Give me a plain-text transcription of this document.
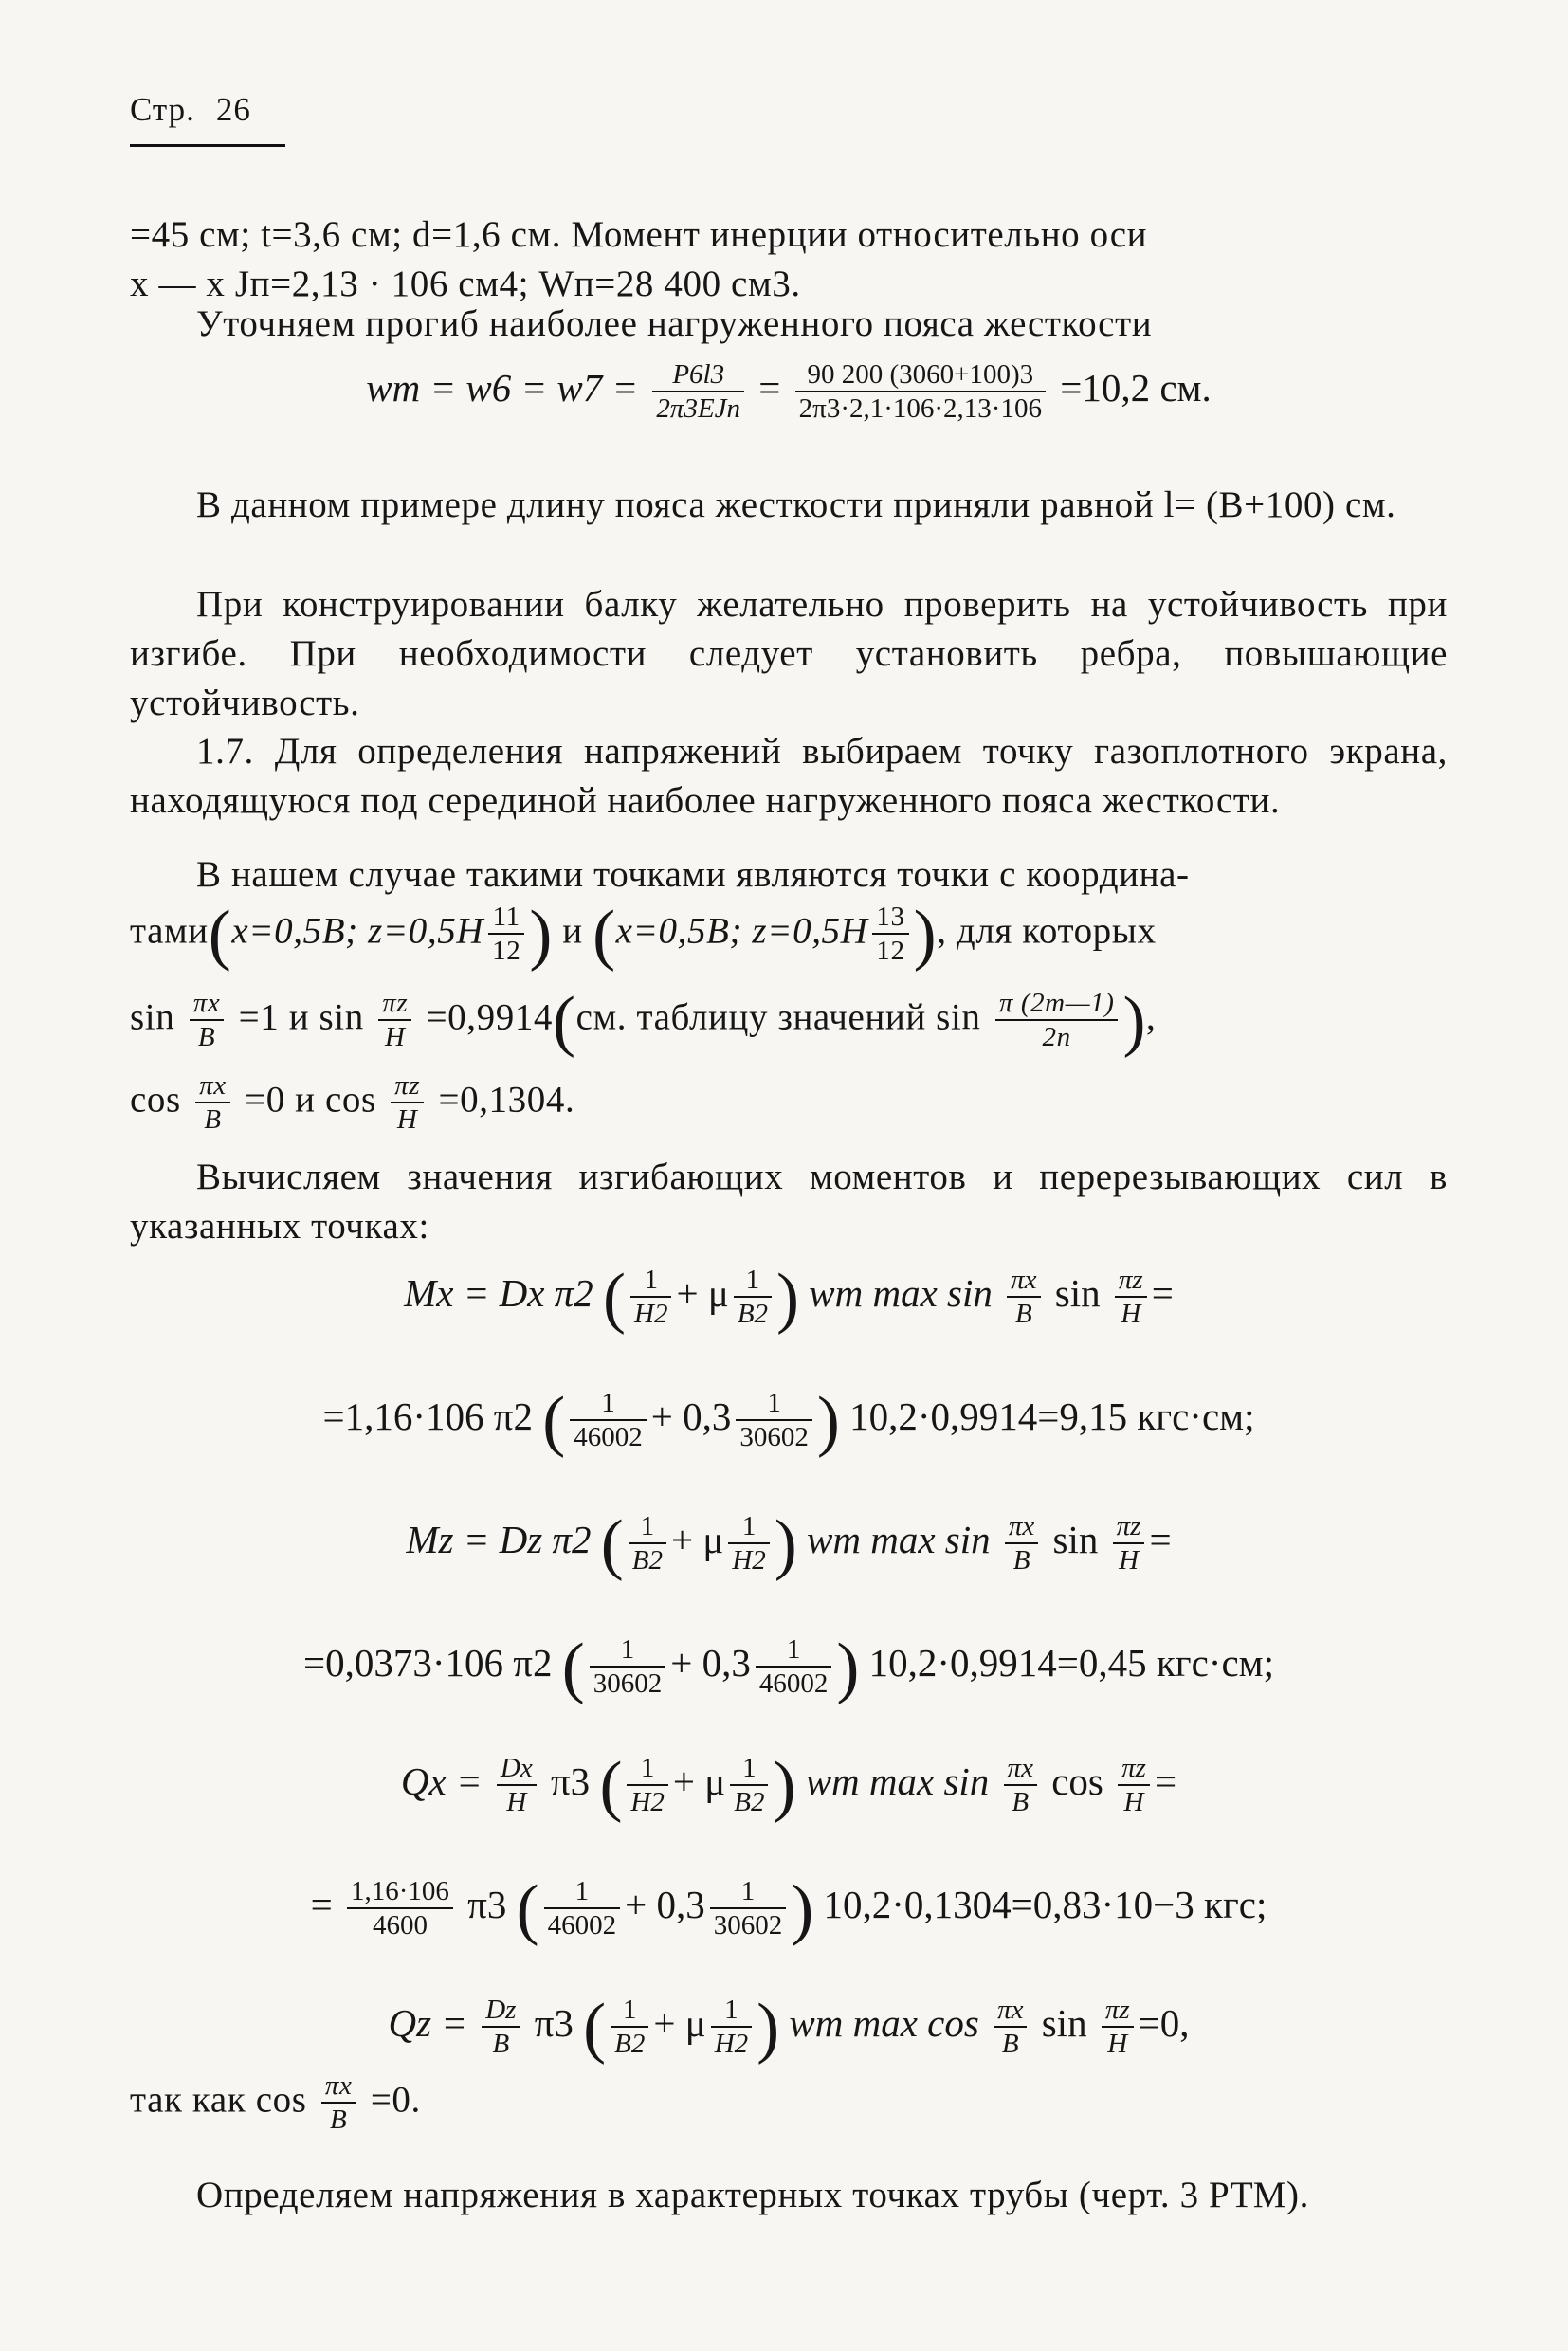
Стр. 26
=45 см; t=3,6 см; d=1,6 см. Момент инерции относительно оси
x — x Jп=2,13 · 106 см4; Wп=28 400 см3.
Уточняем прогиб наиболее нагруженного пояса жесткости
wm = $w6 = w7 = \frac{P6l3}{\text{2π3EJп}} = \frac{90 200 (3060+100)3}{2\pi 3\cdot 2,1\cdot 106\cdot 2,13\cdot 106} =10,2$ см.
В данном примере длину пояса жесткости приняли равной l= (B+100) см.
При конструировании балку желательно проверить на устойчивость при изгибе. При необходимости следует установить ребра, повышающие устойчивость.
1.7. Для определения напряжений выбираем точку газоплотного экрана, находящуюся под серединой наиболее нагруженного пояса жесткости.
В нашем случае такими точками являются точки с координа-
тами(x=0,5B; $z=0,5H \frac{11}{12}$ ) и (x=0,5B; $z=0,5H \frac{13}{12}$ ), для которых
$\sin \frac{\pi x}{B} =1$ и $\sin \frac{\pi z}{H} =0,9914(см$. таблицу значений $\sin \frac{\pi (2m—1)}{2n}$ ),
$\cos \frac{\pi x}{B} =0$ и $\cos \frac{\pi z}{H} =0,1304$.
Вычисляем значения изгибающих моментов и перерезывающих сил в указанных точках:
Mx = Dx π2 ( $\frac{1}{H2} + \mu \frac{1}{B2}$ ) wm $\max \sin \frac{\pi x}{B}$ $\sin \frac{\pi z}{H}$ =
=1,16·106 π2 ( $\frac{1}{46002} + 0,3 \frac{1}{30602}$ ) 10,2·0,9914=9,15 кгс·см;
Mz = Dz π2 ( $\frac{1}{B2} + \mu \frac{1}{H2}$ ) wm $\max \sin \frac{\pi x}{B}$ $\sin \frac{\pi z}{H}$ =
=0,0373·106 π2 ( $\frac{1}{30602} + 0,3 \frac{1}{46002}$ ) 10,2·0,9914=0,45 кгс·см;
$Qx = \frac{Dx}{H} \pi 3$ ( $\frac{1}{H2} + \mu \frac{1}{B2}$ ) wm $\max \sin \frac{\pi x}{B}$ $\cos \frac{\pi z}{H}$ =
= $\frac{1,16\cdot 106}{4600} \pi 3$ ( $\frac{1}{46002} + 0,3 \frac{1}{30602}$ ) 10,2·0,1304=0,83·10−3 кгс;
$Qz = \frac{Dz}{B} \pi 3$ ( $\frac{1}{B2} + \mu \frac{1}{H2}$ ) wm $\max \cos \frac{\pi x}{B}$ $\sin \frac{\pi z}{H} =0$,
так как $\cos \frac{\pi x}{B} =0$.
Определяем напряжения в характерных точках трубы (черт. 3 РТМ).
